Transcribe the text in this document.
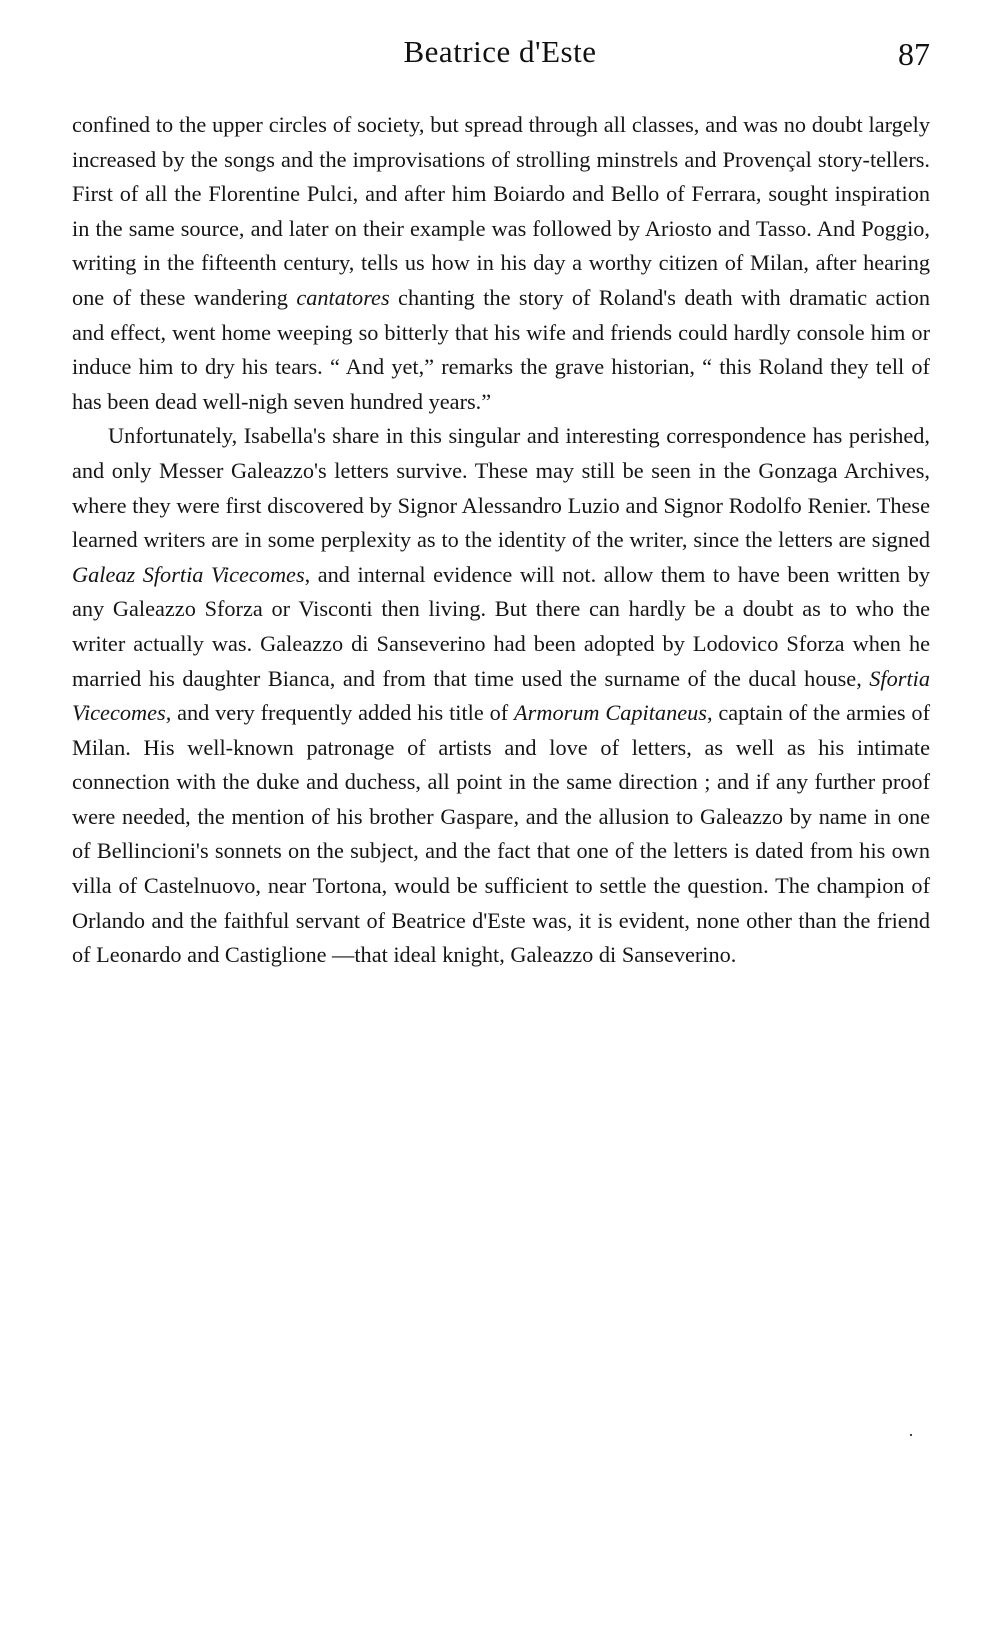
Beatrice d'Este	87

confined to the upper circles of society, but spread through all classes, and was no doubt largely increased by the songs and the improvisations of strolling minstrels and Provençal story-tellers. First of all the Florentine Pulci, and after him Boiardo and Bello of Ferrara, sought inspiration in the same source, and later on their example was followed by Ariosto and Tasso. And Poggio, writing in the fifteenth century, tells us how in his day a worthy citizen of Milan, after hearing one of these wandering cantatores chanting the story of Roland's death with dramatic action and effect, went home weeping so bitterly that his wife and friends could hardly console him or induce him to dry his tears. “ And yet,” remarks the grave historian, “ this Roland they tell of has been dead well-nigh seven hundred years.”

Unfortunately, Isabella's share in this singular and interesting correspondence has perished, and only Messer Galeazzo's letters survive. These may still be seen in the Gonzaga Archives, where they were first discovered by Signor Alessandro Luzio and Signor Rodolfo Renier. These learned writers are in some perplexity as to the identity of the writer, since the letters are signed Galeaz Sfortia Vicecomes, and internal evidence will not. allow them to have been written by any Galeazzo Sforza or Visconti then living. But there can hardly be a doubt as to who the writer actually was. Galeazzo di Sanseverino had been adopted by Lodovico Sforza when he married his daughter Bianca, and from that time used the surname of the ducal house, Sfortia Vicecomes, and very frequently added his title of Armorum Capitaneus, captain of the armies of Milan. His well-known patronage of artists and love of letters, as well as his intimate connection with the duke and duchess, all point in the same direction ; and if any further proof were needed, the mention of his brother Gaspare, and the allusion to Galeazzo by name in one of Bellincioni's sonnets on the subject, and the fact that one of the letters is dated from his own villa of Castelnuovo, near Tortona, would be sufficient to settle the question. The champion of Orlando and the faithful servant of Beatrice d'Este was, it is evident, none other than the friend of Leonardo and Castiglione —that ideal knight, Galeazzo di Sanseverino.

·
